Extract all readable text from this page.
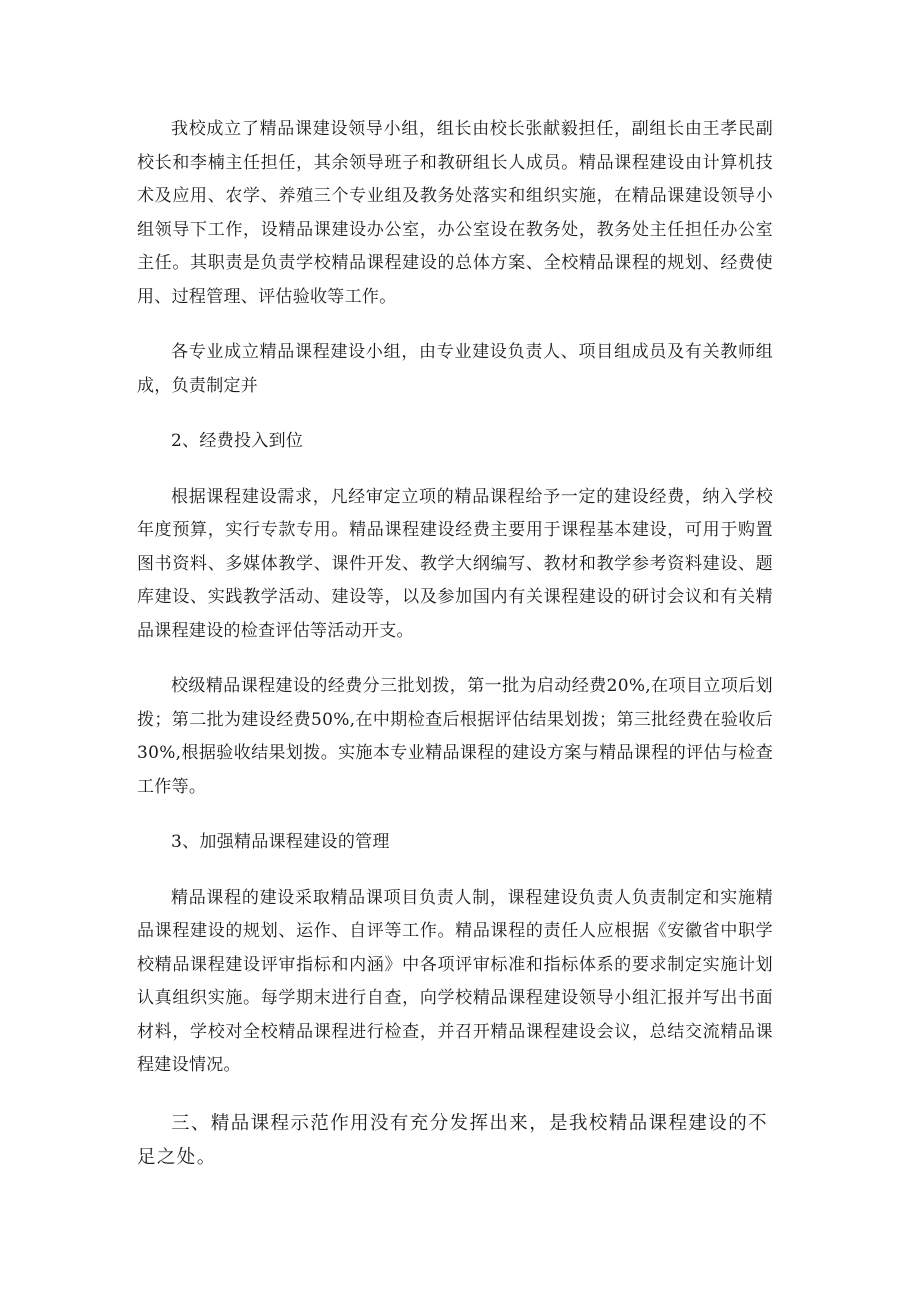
我校成立了精品课建设领导小组，组长由校长张献毅担任，副组长由王孝民副校长和李楠主任担任，其余领导班子和教研组长人成员。精品课程建设由计算机技术及应用、农学、养殖三个专业组及教务处落实和组织实施，在精品课建设领导小组领导下工作，设精品课建设办公室，办公室设在教务处，教务处主任担任办公室主任。其职责是负责学校精品课程建设的总体方案、全校精品课程的规划、经费使用、过程管理、评估验收等工作。

各专业成立精品课程建设小组，由专业建设负责人、项目组成员及有关教师组成，负责制定并

2、经费投入到位

根据课程建设需求，凡经审定立项的精品课程给予一定的建设经费，纳入学校年度预算，实行专款专用。精品课程建设经费主要用于课程基本建设，可用于购置图书资料、多媒体教学、课件开发、教学大纲编写、教材和教学参考资料建设、题库建设、实践教学活动、建设等，以及参加国内有关课程建设的研讨会议和有关精品课程建设的检查评估等活动开支。

校级精品课程建设的经费分三批划拨，第一批为启动经费20%,在项目立项后划拨；第二批为建设经费50%,在中期检查后根据评估结果划拨；第三批经费在验收后30%,根据验收结果划拨。实施本专业精品课程的建设方案与精品课程的评估与检查工作等。

3、加强精品课程建设的管理

精品课程的建设采取精品课项目负责人制，课程建设负责人负责制定和实施精品课程建设的规划、运作、自评等工作。精品课程的责任人应根据《安徽省中职学校精品课程建设评审指标和内涵》中各项评审标准和指标体系的要求制定实施计划认真组织实施。每学期末进行自查，向学校精品课程建设领导小组汇报并写出书面材料，学校对全校精品课程进行检查，并召开精品课程建设会议，总结交流精品课程建设情况。

三、精品课程示范作用没有充分发挥出来，是我校精品课程建设的不足之处。
